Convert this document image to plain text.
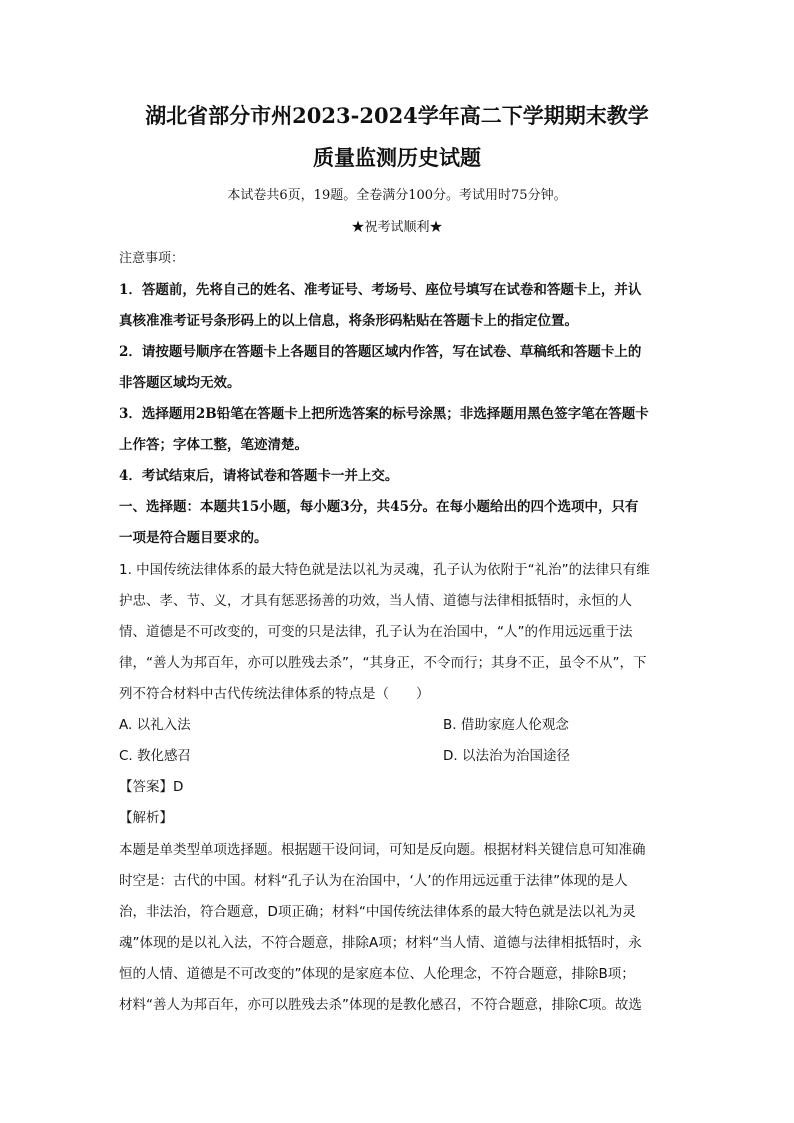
湖北省部分市州2023-2024学年高二下学期期末教学
质量监测历史试题
本试卷共6页，19题。全卷满分100分。考试用时75分钟。
★祝考试顺利★
注意事项：
1．答题前，先将自己的姓名、准考证号、考场号、座位号填写在试卷和答题卡上，并认
真核准准考证号条形码上的以上信息，将条形码粘贴在答题卡上的指定位置。
2．请按题号顺序在答题卡上各题目的答题区域内作答，写在试卷、草稿纸和答题卡上的
非答题区域均无效。
3．选择题用2B铅笔在答题卡上把所选答案的标号涂黑；非选择题用黑色签字笔在答题卡
上作答；字体工整，笔迹清楚。
4．考试结束后，请将试卷和答题卡一并上交。
一、选择题：本题共15小题，每小题3分，共45分。在每小题给出的四个选项中，只有
一项是符合题目要求的。
1. 中国传统法律体系的最大特色就是法以礼为灵魂，孔子认为依附于“礼治”的法律只有维
护忠、孝、节、义，才具有惩恶扬善的功效，当人情、道德与法律相抵牾时，永恒的人
情、道德是不可改变的，可变的只是法律，孔子认为在治国中，“人”的作用远远重于法
律，“善人为邦百年，亦可以胜残去杀”，“其身正，不令而行；其身不正，虽令不从”，下
列不符合材料中古代传统法律体系的特点是（　　）
A. 以礼入法	B. 借助家庭人伦观念
C. 教化感召	D. 以法治为治国途径
【答案】D
【解析】
本题是单类型单项选择题。根据题干设问词，可知是反向题。根据材料关键信息可知准确
时空是：古代的中国。材料“孔子认为在治国中，‘人’的作用远远重于法律”体现的是人
治，非法治，符合题意，D项正确；材料“中国传统法律体系的最大特色就是法以礼为灵
魂”体现的是以礼入法，不符合题意，排除A项；材料“当人情、道德与法律相抵牾时，永
恒的人情、道德是不可改变的”体现的是家庭本位、人伦理念，不符合题意，排除B项；
材料“善人为邦百年，亦可以胜残去杀”体现的是教化感召，不符合题意，排除C项。故选
